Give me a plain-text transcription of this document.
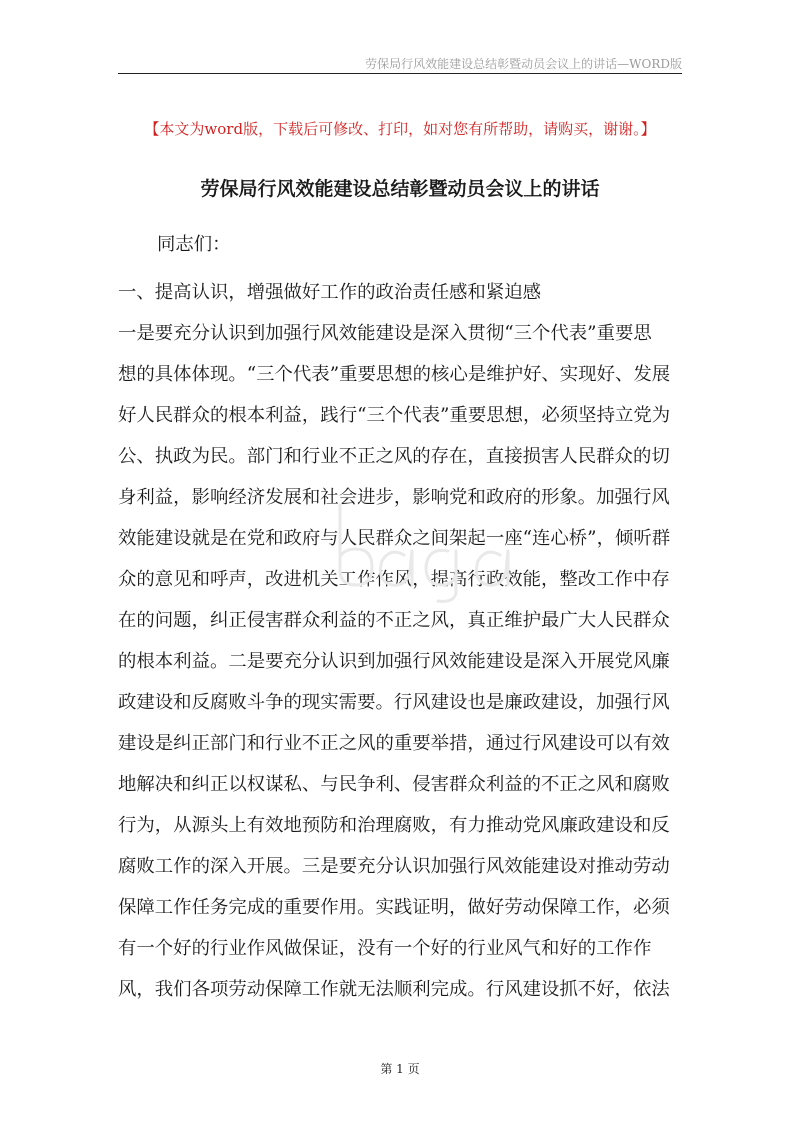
劳保局行风效能建设总结彰暨动员会议上的讲话—WORD版
【本文为word版，下载后可修改、打印，如对您有所帮助，请购买，谢谢。】
劳保局行风效能建设总结彰暨动员会议上的讲话
同志们：
一、提高认识，增强做好工作的政治责任感和紧迫感
一是要充分认识到加强行风效能建设是深入贯彻“三个代表”重要思
想的具体体现。“三个代表”重要思想的核心是维护好、实现好、发展
好人民群众的根本利益，践行“三个代表”重要思想，必须坚持立党为
公、执政为民。部门和行业不正之风的存在，直接损害人民群众的切
身利益，影响经济发展和社会进步，影响党和政府的形象。加强行风
效能建设就是在党和政府与人民群众之间架起一座“连心桥”，倾听群
众的意见和呼声，改进机关工作作风，提高行政效能，整改工作中存
在的问题，纠正侵害群众利益的不正之风，真正维护最广大人民群众
的根本利益。二是要充分认识到加强行风效能建设是深入开展党风廉
政建设和反腐败斗争的现实需要。行风建设也是廉政建设，加强行风
建设是纠正部门和行业不正之风的重要举措，通过行风建设可以有效
地解决和纠正以权谋私、与民争利、侵害群众利益的不正之风和腐败
行为，从源头上有效地预防和治理腐败，有力推动党风廉政建设和反
腐败工作的深入开展。三是要充分认识加强行风效能建设对推动劳动
保障工作任务完成的重要作用。实践证明，做好劳动保障工作，必须
有一个好的行业作风做保证，没有一个好的行业风气和好的工作作
风，我们各项劳动保障工作就无法顺利完成。行风建设抓不好，依法
第 1 页
